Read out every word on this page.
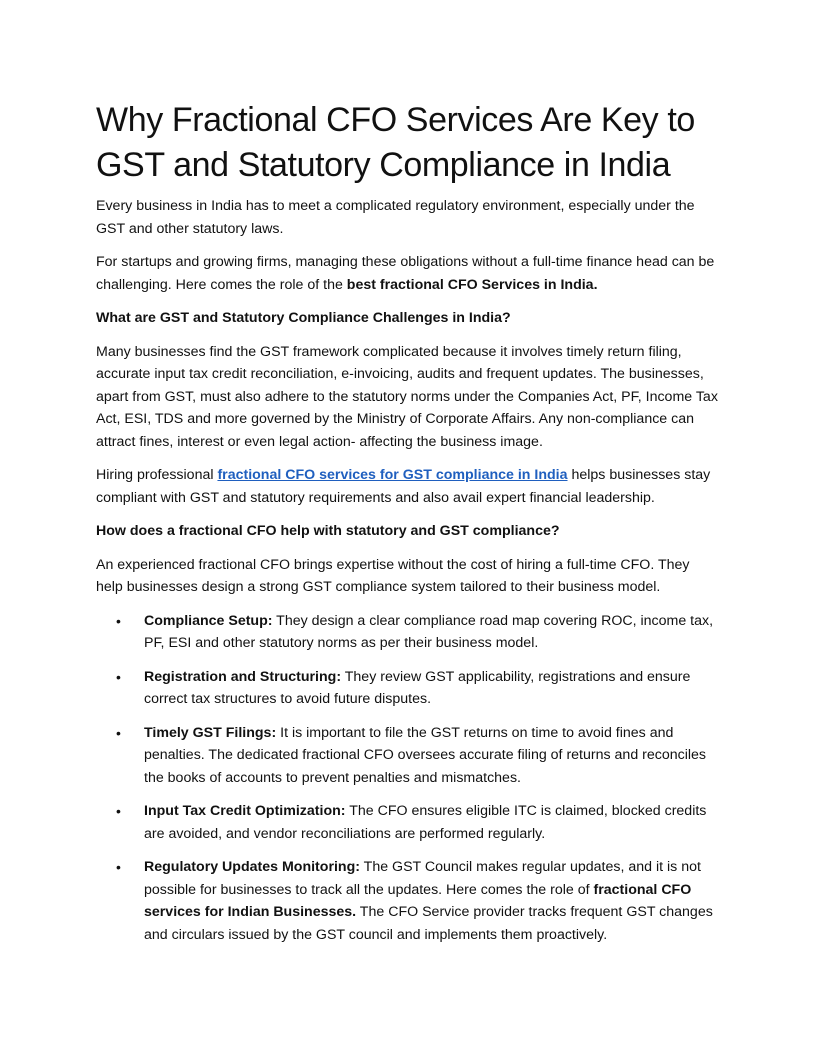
Why Fractional CFO Services Are Key to GST and Statutory Compliance in India

Every business in India has to meet a complicated regulatory environment, especially under the GST and other statutory laws.

For startups and growing firms, managing these obligations without a full-time finance head can be challenging. Here comes the role of the best fractional CFO Services in India.

What are GST and Statutory Compliance Challenges in India?

Many businesses find the GST framework complicated because it involves timely return filing, accurate input tax credit reconciliation, e-invoicing, audits and frequent updates. The businesses, apart from GST, must also adhere to the statutory norms under the Companies Act, PF, Income Tax Act, ESI, TDS and more governed by the Ministry of Corporate Affairs. Any non-compliance can attract fines, interest or even legal action- affecting the business image.

Hiring professional fractional CFO services for GST compliance in India helps businesses stay compliant with GST and statutory requirements and also avail expert financial leadership.

How does a fractional CFO help with statutory and GST compliance?

An experienced fractional CFO brings expertise without the cost of hiring a full-time CFO. They help businesses design a strong GST compliance system tailored to their business model.

• Compliance Setup: They design a clear compliance road map covering ROC, income tax, PF, ESI and other statutory norms as per their business model.
• Registration and Structuring: They review GST applicability, registrations and ensure correct tax structures to avoid future disputes.
• Timely GST Filings: It is important to file the GST returns on time to avoid fines and penalties. The dedicated fractional CFO oversees accurate filing of returns and reconciles the books of accounts to prevent penalties and mismatches.
• Input Tax Credit Optimization: The CFO ensures eligible ITC is claimed, blocked credits are avoided, and vendor reconciliations are performed regularly.
• Regulatory Updates Monitoring: The GST Council makes regular updates, and it is not possible for businesses to track all the updates. Here comes the role of fractional CFO services for Indian Businesses. The CFO Service provider tracks frequent GST changes and circulars issued by the GST council and implements them proactively.
